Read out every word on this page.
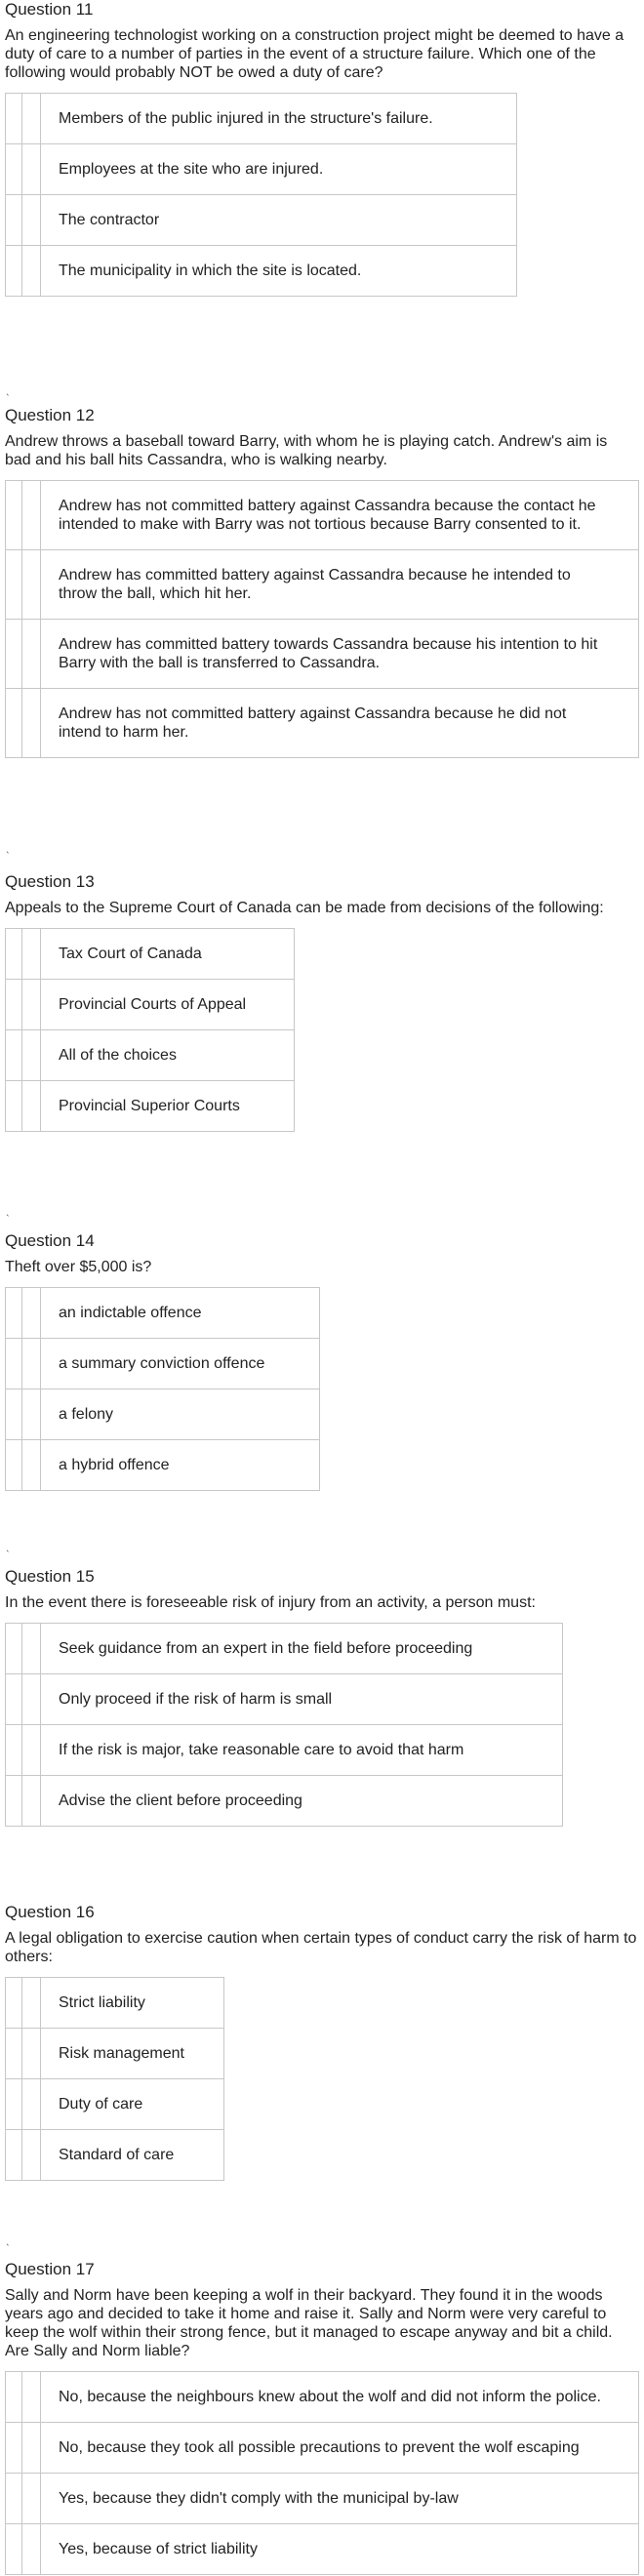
Question 11
An engineering technologist working on a construction project might be deemed to have a duty of care to a number of parties in the event of a structure failure. Which one of the following would probably NOT be owed a duty of care?
		Members of the public injured in the structure's failure.
		Employees at the site who are injured.
		The contractor
		The municipality in which the site is located.
ˎ
Question 12
Andrew throws a baseball toward Barry, with whom he is playing catch. Andrew's aim is bad and his ball hits Cassandra, who is walking nearby.
		Andrew has not committed battery against Cassandra because the contact he intended to make with Barry was not tortious because Barry consented to it.
		Andrew has committed battery against Cassandra because he intended to throw the ball, which hit her.
		Andrew has committed battery towards Cassandra because his intention to hit Barry with the ball is transferred to Cassandra.
		Andrew has not committed battery against Cassandra because he did not intend to harm her.
ˎ
Question 13
Appeals to the Supreme Court of Canada can be made from decisions of the following:
		Tax Court of Canada
		Provincial Courts of Appeal
		All of the choices
		Provincial Superior Courts
ˎ
Question 14
Theft over $5,000 is?
		an indictable offence
		a summary conviction offence
		a felony
		a hybrid offence
ˎ
Question 15
In the event there is foreseeable risk of injury from an activity, a person must:
		Seek guidance from an expert in the field before proceeding
		Only proceed if the risk of harm is small
		If the risk is major, take reasonable care to avoid that harm
		Advise the client before proceeding
Question 16
A legal obligation to exercise caution when certain types of conduct carry the risk of harm to others:
		Strict liability
		Risk management
		Duty of care
		Standard of care
ˎ
Question 17
Sally and Norm have been keeping a wolf in their backyard. They found it in the woods years ago and decided to take it home and raise it. Sally and Norm were very careful to keep the wolf within their strong fence, but it managed to escape anyway and bit a child. Are Sally and Norm liable?
		No, because the neighbours knew about the wolf and did not inform the police.
		No, because they took all possible precautions to prevent the wolf escaping
		Yes, because they didn't comply with the municipal by-law
		Yes, because of strict liability
